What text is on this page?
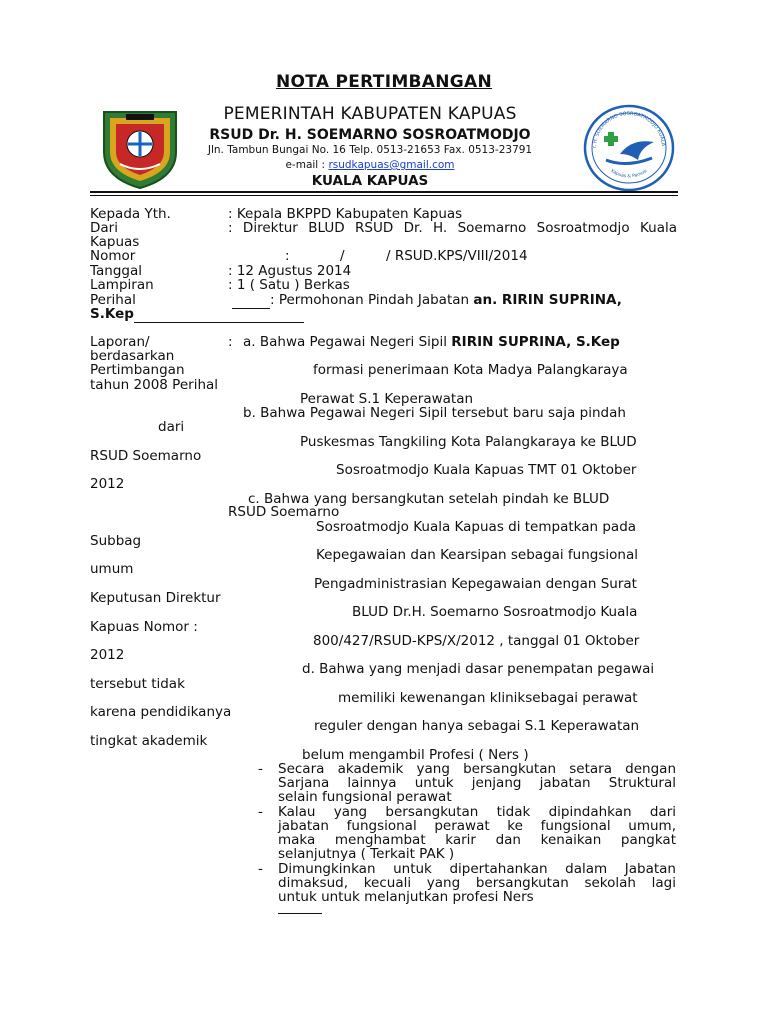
NOTA PERTIMBANGAN
PEMERINTAH KABUPATEN KAPUAS
RSUD Dr. H. SOEMARNO SOSROATMODJO
Jln. Tambun Bungai No. 16 Telp. 0513-21653 Fax. 0513-23791
e-mail : rsudkapuas@gmail.com
KUALA KAPUAS
r. H. SOEMARNO SOSROATMODJO KUALA
Kapuas & Pamusi
Kepada Yth.	: Kepala BKPPD Kabupaten Kapuas
Dari	: Direktur BLUD RSUD Dr. H. Soemarno Sosroatmodjo Kuala
Kapuas
Nomor	:	/	/ RSUD.KPS/VIII/2014
Tanggal	: 12 Agustus 2014
Lampiran	: 1 ( Satu ) Berkas
Perihal	: Permohonan Pindah Jabatan an. RIRIN SUPRINA,
S.Kep
Laporan/	: a. Bahwa Pegawai Negeri Sipil RIRIN SUPRINA, S.Kep
berdasarkan
Pertimbangan	formasi penerimaan Kota Madya Palangkaraya
tahun 2008 Perihal
Perawat S.1 Keperawatan
b. Bahwa Pegawai Negeri Sipil tersebut baru saja pindah
dari
Puskesmas Tangkiling Kota Palangkaraya ke BLUD
RSUD Soemarno
Sosroatmodjo Kuala Kapuas TMT 01 Oktober
2012
c. Bahwa yang bersangkutan setelah pindah ke BLUD
RSUD Soemarno
Sosroatmodjo Kuala Kapuas di tempatkan pada
Subbag
Kepegawaian dan Kearsipan sebagai fungsional
umum
Pengadministrasian Kepegawaian dengan Surat
Keputusan Direktur
BLUD Dr.H. Soemarno Sosroatmodjo Kuala
Kapuas Nomor :
800/427/RSUD-KPS/X/2012 , tanggal 01 Oktober
2012
d. Bahwa yang menjadi dasar penempatan pegawai
tersebut tidak
memiliki kewenangan kliniksebagai perawat
karena pendidikanya
reguler dengan hanya sebagai S.1 Keperawatan
tingkat akademik
belum mengambil Profesi ( Ners )
- Secara akademik yang bersangkutan setara dengan
Sarjana lainnya untuk jenjang jabatan Struktural
selain fungsional perawat
- Kalau yang bersangkutan tidak dipindahkan dari
jabatan fungsional perawat ke fungsional umum,
maka menghambat karir dan kenaikan pangkat
selanjutnya ( Terkait PAK )
- Dimungkinkan untuk dipertahankan dalam Jabatan
dimaksud, kecuali yang bersangkutan sekolah lagi
untuk untuk melanjutkan profesi Ners
